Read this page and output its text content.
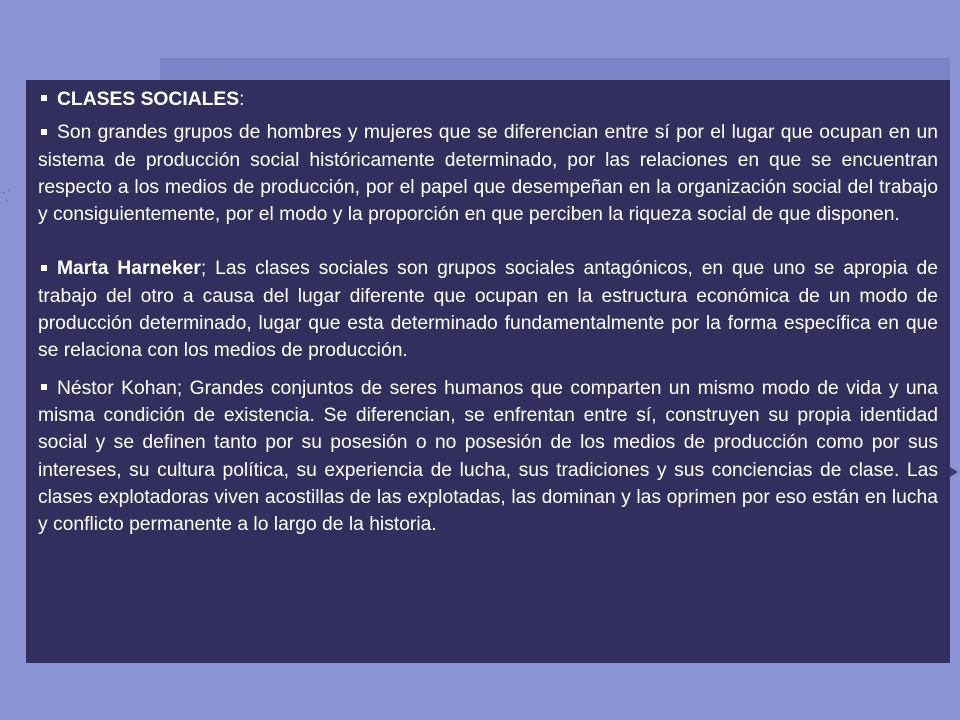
. ·
·

CLASES SOCIALES:

Son grandes grupos de hombres y mujeres que se diferencian entre sí por el lugar que ocupan en un sistema de producción social históricamente determinado, por las relaciones en que se encuentran respecto a los medios de producción, por el papel que desempeñan en la organización social del trabajo y consiguientemente, por el modo y la proporción en que perciben la riqueza social de que disponen.

Marta Harneker; Las clases sociales son grupos sociales antagónicos, en que uno se apropia de trabajo del otro a causa del lugar diferente que ocupan en la estructura económica de un modo de producción determinado, lugar que esta determinado fundamentalmente por la forma específica en que se relaciona con los medios de producción.

Néstor Kohan; Grandes conjuntos de seres humanos que comparten un mismo modo de vida y una misma condición de existencia. Se diferencian, se enfrentan entre sí, construyen su propia identidad social y se definen tanto por su posesión o no posesión de los medios de producción como por sus intereses, su cultura política, su experiencia de lucha, sus tradiciones y sus conciencias de clase. Las clases explotadoras viven acostillas de las explotadas, las dominan y las oprimen por eso están en lucha y conflicto permanente a lo largo de la historia.
